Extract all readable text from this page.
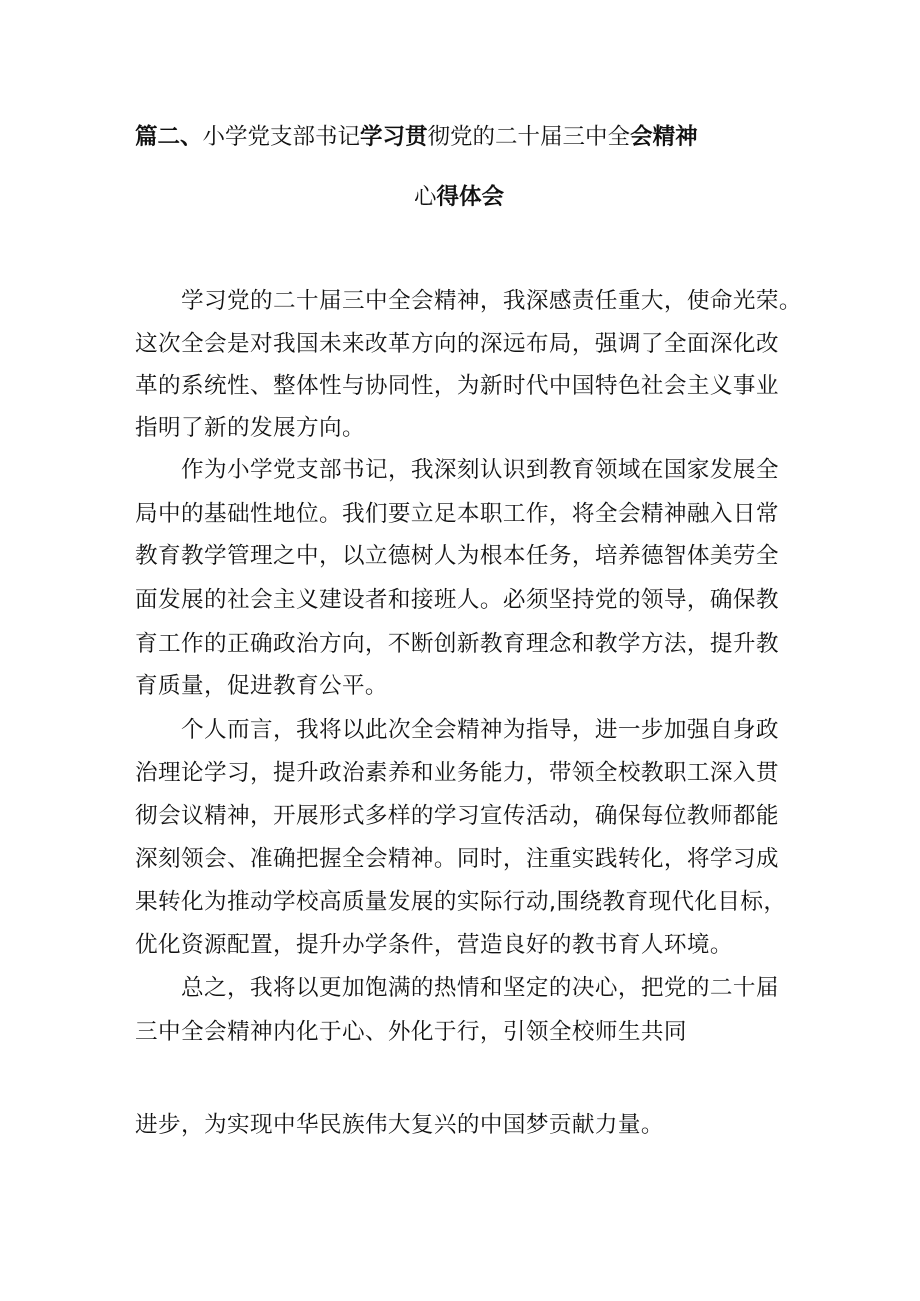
篇二、小学党支部书记学习贯彻党的二十届三中全会精神
心得体会
学习党的二十届三中全会精神，我深感责任重大，使命光荣。
这次全会是对我国未来改革方向的深远布局，强调了全面深化改
革的系统性、整体性与协同性，为新时代中国特色社会主义事业
指明了新的发展方向。
作为小学党支部书记，我深刻认识到教育领域在国家发展全
局中的基础性地位。我们要立足本职工作，将全会精神融入日常
教育教学管理之中，以立德树人为根本任务，培养德智体美劳全
面发展的社会主义建设者和接班人。必须坚持党的领导，确保教
育工作的正确政治方向，不断创新教育理念和教学方法，提升教
育质量，促进教育公平。
个人而言，我将以此次全会精神为指导，进一步加强自身政
治理论学习，提升政治素养和业务能力，带领全校教职工深入贯
彻会议精神，开展形式多样的学习宣传活动，确保每位教师都能
深刻领会、准确把握全会精神。同时，注重实践转化，将学习成
果转化为推动学校高质量发展的实际行动,围绕教育现代化目标，
优化资源配置，提升办学条件，营造良好的教书育人环境。
总之，我将以更加饱满的热情和坚定的决心，把党的二十届
三中全会精神内化于心、外化于行，引领全校师生共同
进步，为实现中华民族伟大复兴的中国梦贡献力量。
